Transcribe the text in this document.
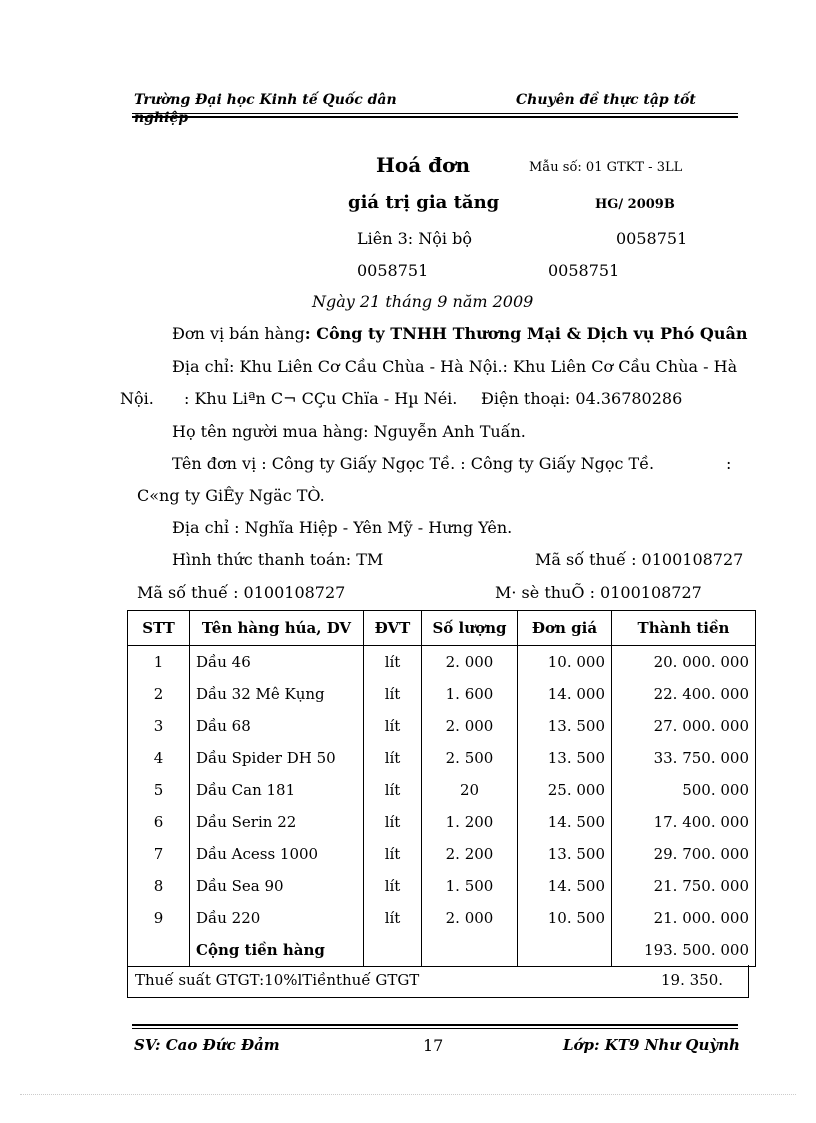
Trường Đại học Kinh tế Quốc dân
nghiệp
Chuyên đề thực tập tốt
Hoá đơn	Mẫu số: 01 GTKT - 3LL
giá trị gia tăng	HG/ 2009B
Liên 3: Nội bộ	0058751
0058751	0058751
Ngày 21 tháng 9 năm 2009
Đơn vị bán hàng: Công ty TNHH Thương Mại & Dịch vụ Phó Quân
Địa chỉ: Khu Liên Cơ Cầu Chùa - Hà Nội.: Khu Liên Cơ Cầu Chùa - Hà
Nội. : Khu Liªn C¬ CÇu Chïa - Hµ Néi. Điện thoại: 04.36780286
Họ tên người mua hàng: Nguyễn Anh Tuấn.
Tên đơn vị : Công ty Giấy Ngọc Tề. : Công ty Giấy Ngọc Tề.	:
C«ng ty GiÊy Ngäc TÒ.
Địa chỉ : Nghĩa Hiệp - Yên Mỹ - Hưng Yên.
Hình thức thanh toán: TM	Mã số thuế : 0100108727
Mã số thuế : 0100108727	M· sè thuÕ : 0100108727
STT	Tên hàng húa, DV	ĐVT	Số lượng	Đơn giá	Thành tiền
1	Dầu 46	lít	2. 000	10. 000	20. 000. 000
2	Dầu 32 Mê Kụng	lít	1. 600	14. 000	22. 400. 000
3	Dầu 68	lít	2. 000	13. 500	27. 000. 000
4	Dầu Spider DH 50	lít	2. 500	13. 500	33. 750. 000
5	Dầu Can 181	lít	20	25. 000	500. 000
6	Dầu Serin 22	lít	1. 200	14. 500	17. 400. 000
7	Dầu Acess 1000	lít	2. 200	13. 500	29. 700. 000
8	Dầu Sea 90	lít	1. 500	14. 500	21. 750. 000
9	Dầu 220	lít	2. 000	10. 500	21. 000. 000
	Cộng tiền hàng				193. 500. 000
Thuế suất GTGT:10%lTiềnthuế GTGT	19. 350.
SV: Cao Đức Đảm	17	Lớp: KT9 Như Quỳnh
